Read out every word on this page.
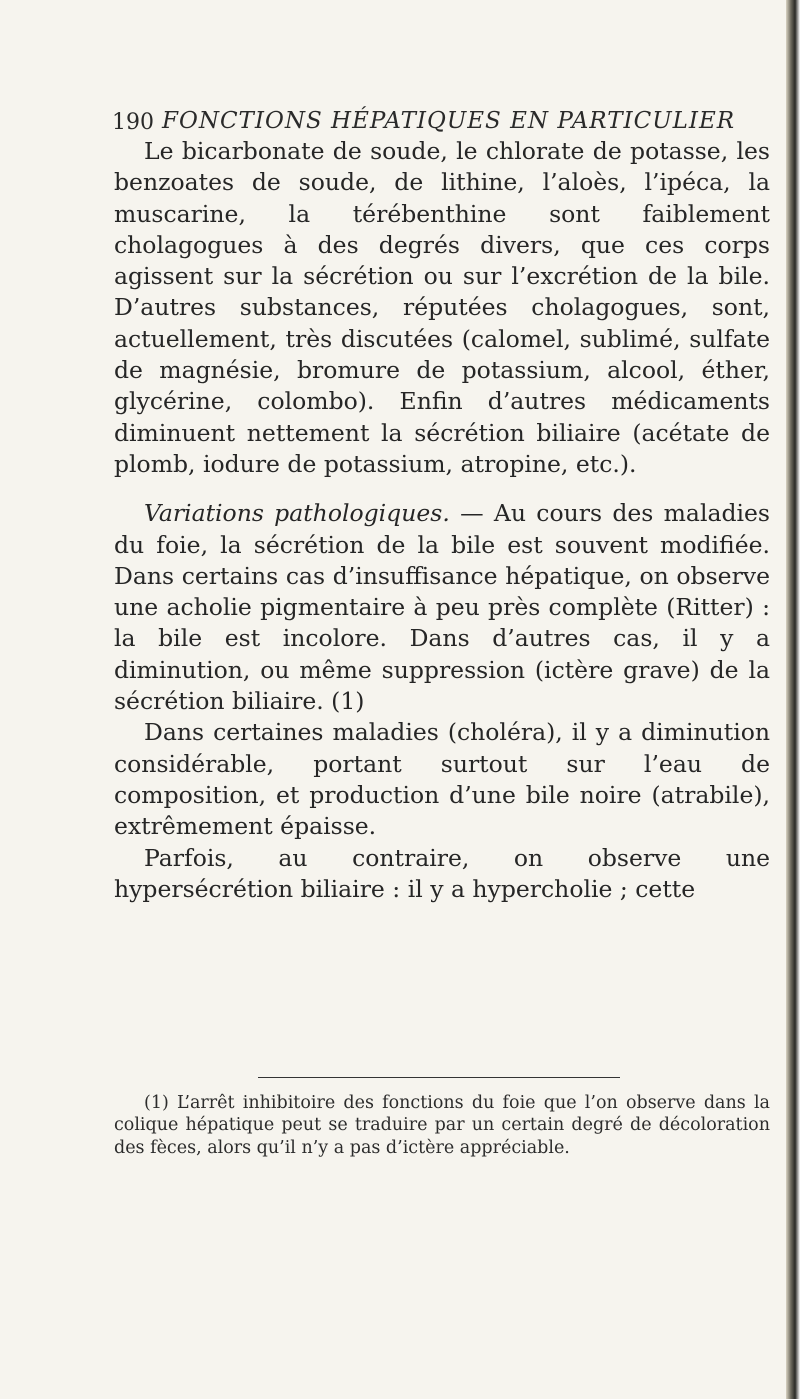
190 FONCTIONS HÉPATIQUES EN PARTICULIER

Le bicarbonate de soude, le chlorate de potasse, les benzoates de soude, de lithine, l’aloès, l’ipéca, la muscarine, la térébenthine sont faiblement cholagogues à des degrés divers, que ces corps agissent sur la sécrétion ou sur l’excrétion de la bile. D’autres substances, réputées cholagogues, sont, actuellement, très discutées (calomel, sublimé, sulfate de magnésie, bromure de potassium, alcool, éther, glycérine, colombo). Enfin d’autres médicaments diminuent nettement la sécrétion biliaire (acétate de plomb, iodure de potassium, atropine, etc.).

Variations pathologiques. — Au cours des maladies du foie, la sécrétion de la bile est souvent modifiée. Dans certains cas d’insuffisance hépatique, on observe une acholie pigmentaire à peu près complète (Ritter) : la bile est incolore. Dans d’autres cas, il y a diminution, ou même suppression (ictère grave) de la sécrétion biliaire. (1)

Dans certaines maladies (choléra), il y a diminution considérable, portant surtout sur l’eau de composition, et production d’une bile noire (atrabile), extrêmement épaisse.

Parfois, au contraire, on observe une hypersécrétion biliaire : il y a hypercholie ; cette

(1) L’arrêt inhibitoire des fonctions du foie que l’on observe dans la colique hépatique peut se traduire par un certain degré de décoloration des fèces, alors qu’il n’y a pas d’ictère appréciable.
